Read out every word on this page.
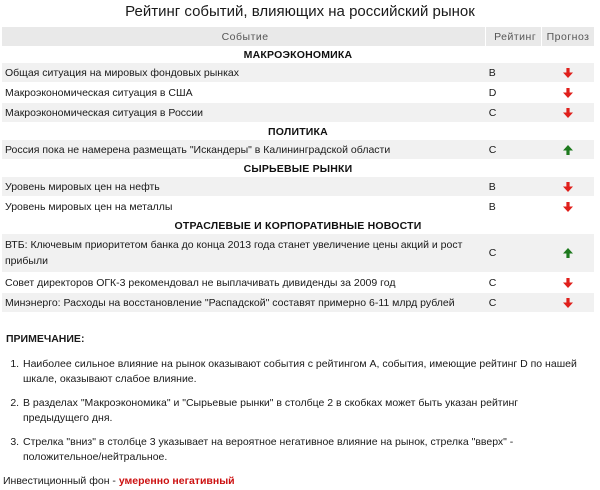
Рейтинг событий, влияющих на российский рынок
Событие	Рейтинг	Прогноз
МАКРОЭКОНОМИКА		
Общая ситуация на мировых фондовых рынках	B	
Макроэкономическая ситуация в США	D	
Макроэкономическая ситуация в России	C	
ПОЛИТИКА		
Россия пока не намерена размещать "Искандеры" в Калининградской области	C	
СЫРЬЕВЫЕ РЫНКИ		
Уровень мировых цен на нефть	B	
Уровень мировых цен на металлы	B	
ОТРАСЛЕВЫЕ И КОРПОРАТИВНЫЕ НОВОСТИ		
ВТБ: Ключевым приоритетом банка до конца 2013 года станет увеличение цены акций и рост прибыли	C	
Совет директоров ОГК-3 рекомендовал не выплачивать дивиденды за 2009 год	C	
Минэнерго: Расходы на восстановление "Распадской" составят примерно 6-11 млрд рублей	C	
ПРИМЕЧАНИЕ:
1. Наиболее сильное влияние на рынок оказывают события с рейтингом A, события, имеющие рейтинг D по нашей шкале, оказывают слабое влияние.
2. В разделах "Макроэкономика" и "Сырьевые рынки" в столбце 2 в скобках может быть указан рейтинг предыдущего дня.
3. Стрелка "вниз" в столбце 3 указывает на вероятное негативное влияние на рынок, стрелка "вверх" - положительное/нейтральное.
Инвестиционный фон - умеренно негативный
